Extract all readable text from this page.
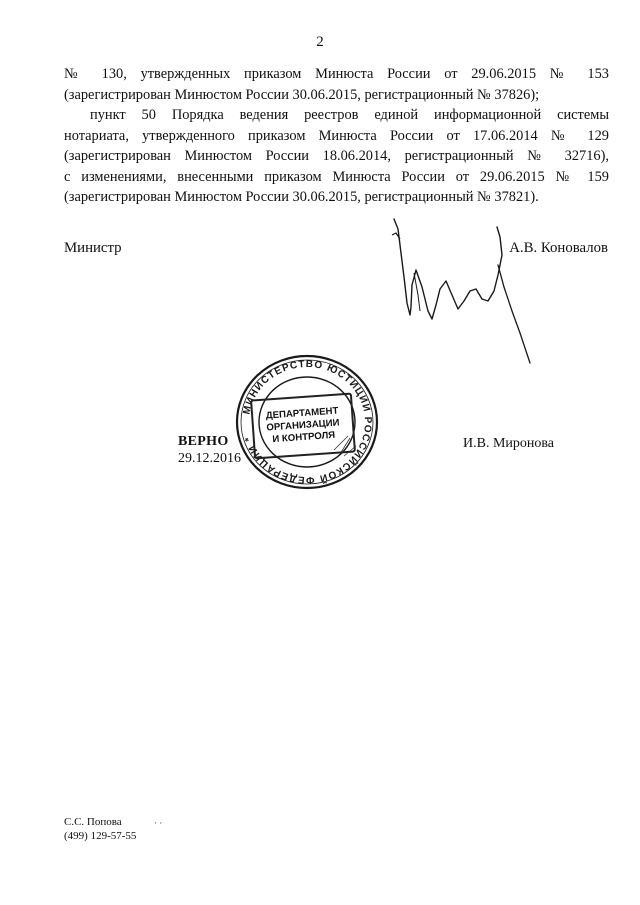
2

№ 130, утвержденных приказом Минюста России от 29.06.2015 № 153

(зарегистрирован Минюстом России 30.06.2015, регистрационный № 37826);

пункт 50 Порядка ведения реестров единой информационной системы

нотариата, утвержденного приказом Минюста России от 17.06.2014 № 129

(зарегистрирован Минюстом России 18.06.2014, регистрационный № 32716),

с изменениями, внесенными приказом Минюста России от 29.06.2015 № 159

(зарегистрирован Минюстом России 30.06.2015, регистрационный № 37821).

Министр	А.В. Коновалов
МИНИСТЕРСТВО ЮСТИЦИИ РОССИЙСКОЙ ФЕДЕРАЦИИ *
ДЕПАРТАМЕНТ
ОРГАНИЗАЦИИ
И КОНТРОЛЯ
ВЕРНО
29.12.2016
И.В. Миронова
С.С. Попова
(499) 129-57-55
· ·
